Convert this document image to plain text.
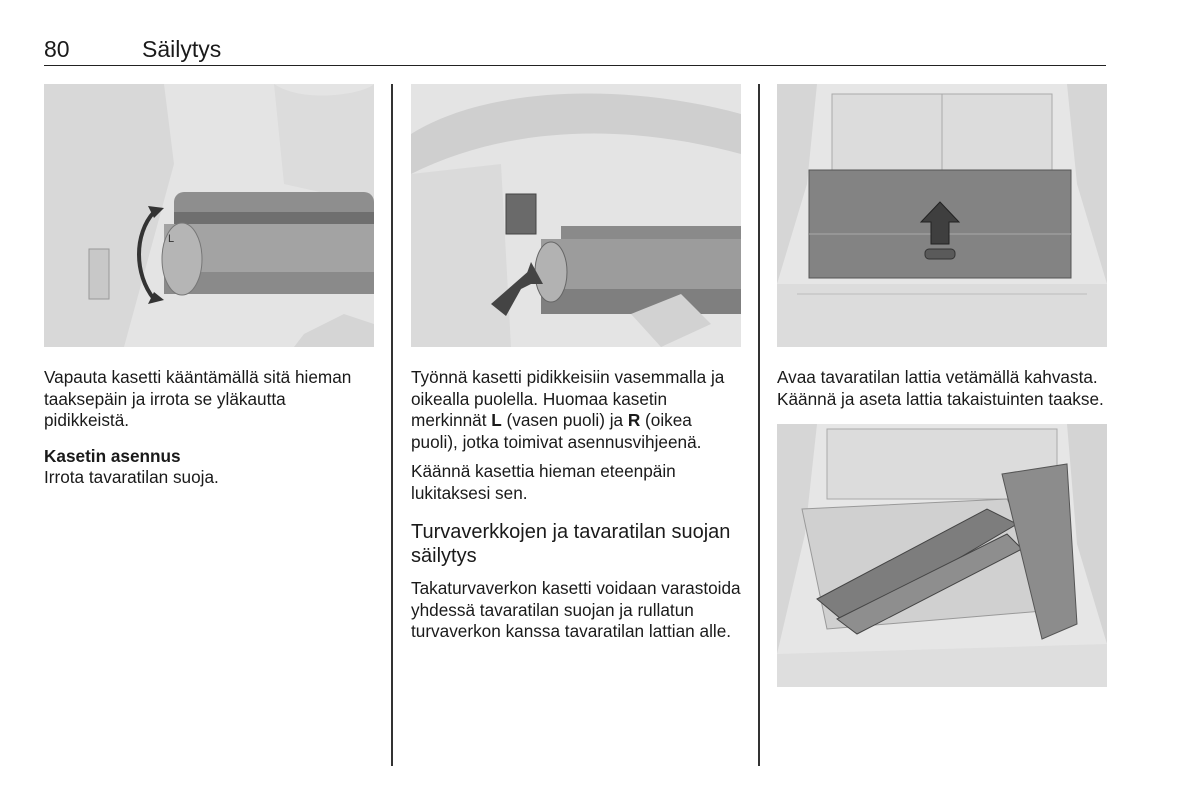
80	Säilytys
L

Vapauta kasetti kääntämällä sitä hieman taaksepäin ja irrota se yläkautta pidikkeistä.

Kasetin asennus

Irrota tavaratilan suoja.

Työnnä kasetti pidikkeisiin vasemmalla ja oikealla puolella. Huomaa kasetin merkinnät L (vasen puoli) ja R (oikea puoli), jotka toimivat asennusvihjeenä.

Käännä kasettia hieman eteenpäin lukitaksesi sen.

Turvaverkkojen ja tavaratilan suojan säilytys

Takaturvaverkon kasetti voidaan varastoida yhdessä tavaratilan suojan ja rullatun turvaverkon kanssa tavaratilan lattian alle.

Avaa tavaratilan lattia vetämällä kahvasta. Käännä ja aseta lattia takaistuinten taakse.
